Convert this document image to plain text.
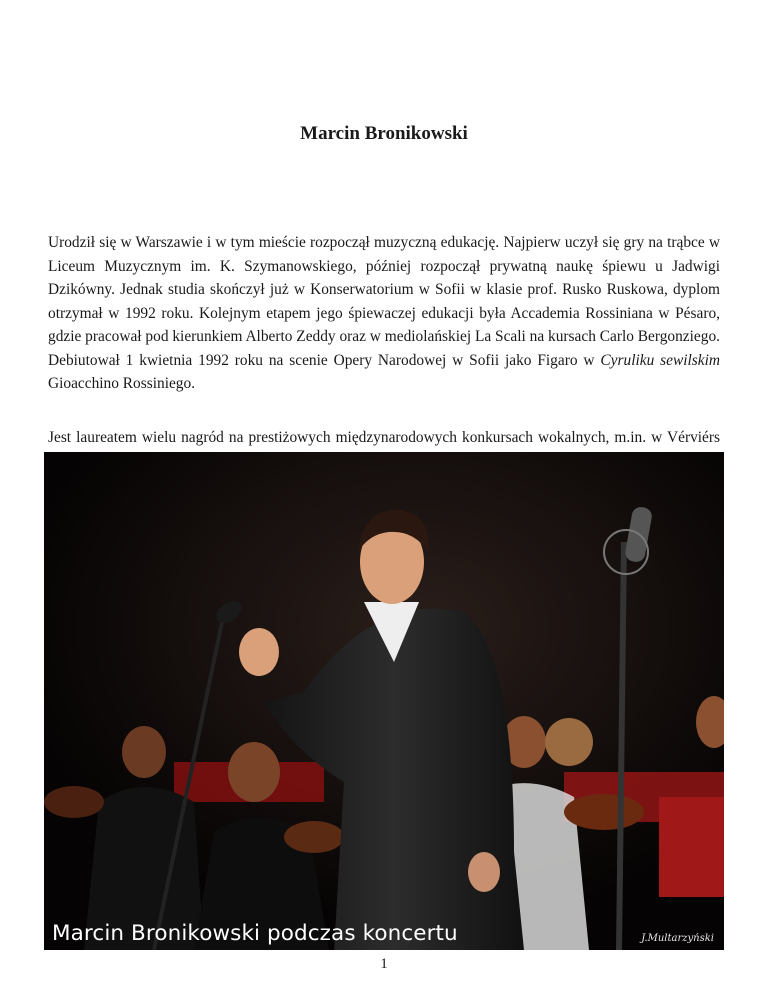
Marcin Bronikowski

Urodził się w Warszawie i w tym mieście rozpoczął muzyczną edukację. Najpierw uczył się gry na trąbce w Liceum Muzycznym im. K. Szymanowskiego, później rozpoczął prywatną naukę śpiewu u Jadwigi Dzikówny. Jednak studia skończył już w Konserwatorium w Sofii w klasie prof. Rusko Ruskowa, dyplom otrzymał w 1992 roku. Kolejnym etapem jego śpiewaczej edukacji była Accademia Rossiniana w Pésaro, gdzie pracował pod kierunkiem Alberto Zeddy oraz w mediolańskiej La Scali na kursach Carlo Bergonziego. Debiutował 1 kwietnia 1992 roku na scenie Opery Narodowej w Sofii jako Figaro w Cyruliku sewilskim Gioacchino Rossiniego.

Jest laureatem wielu nagród na prestiżowych międzynarodowych konkursach wokalnych, m.in. w Vérviérs

Marcin Bronikowski podczas koncertu	J.Multarzyński

1
